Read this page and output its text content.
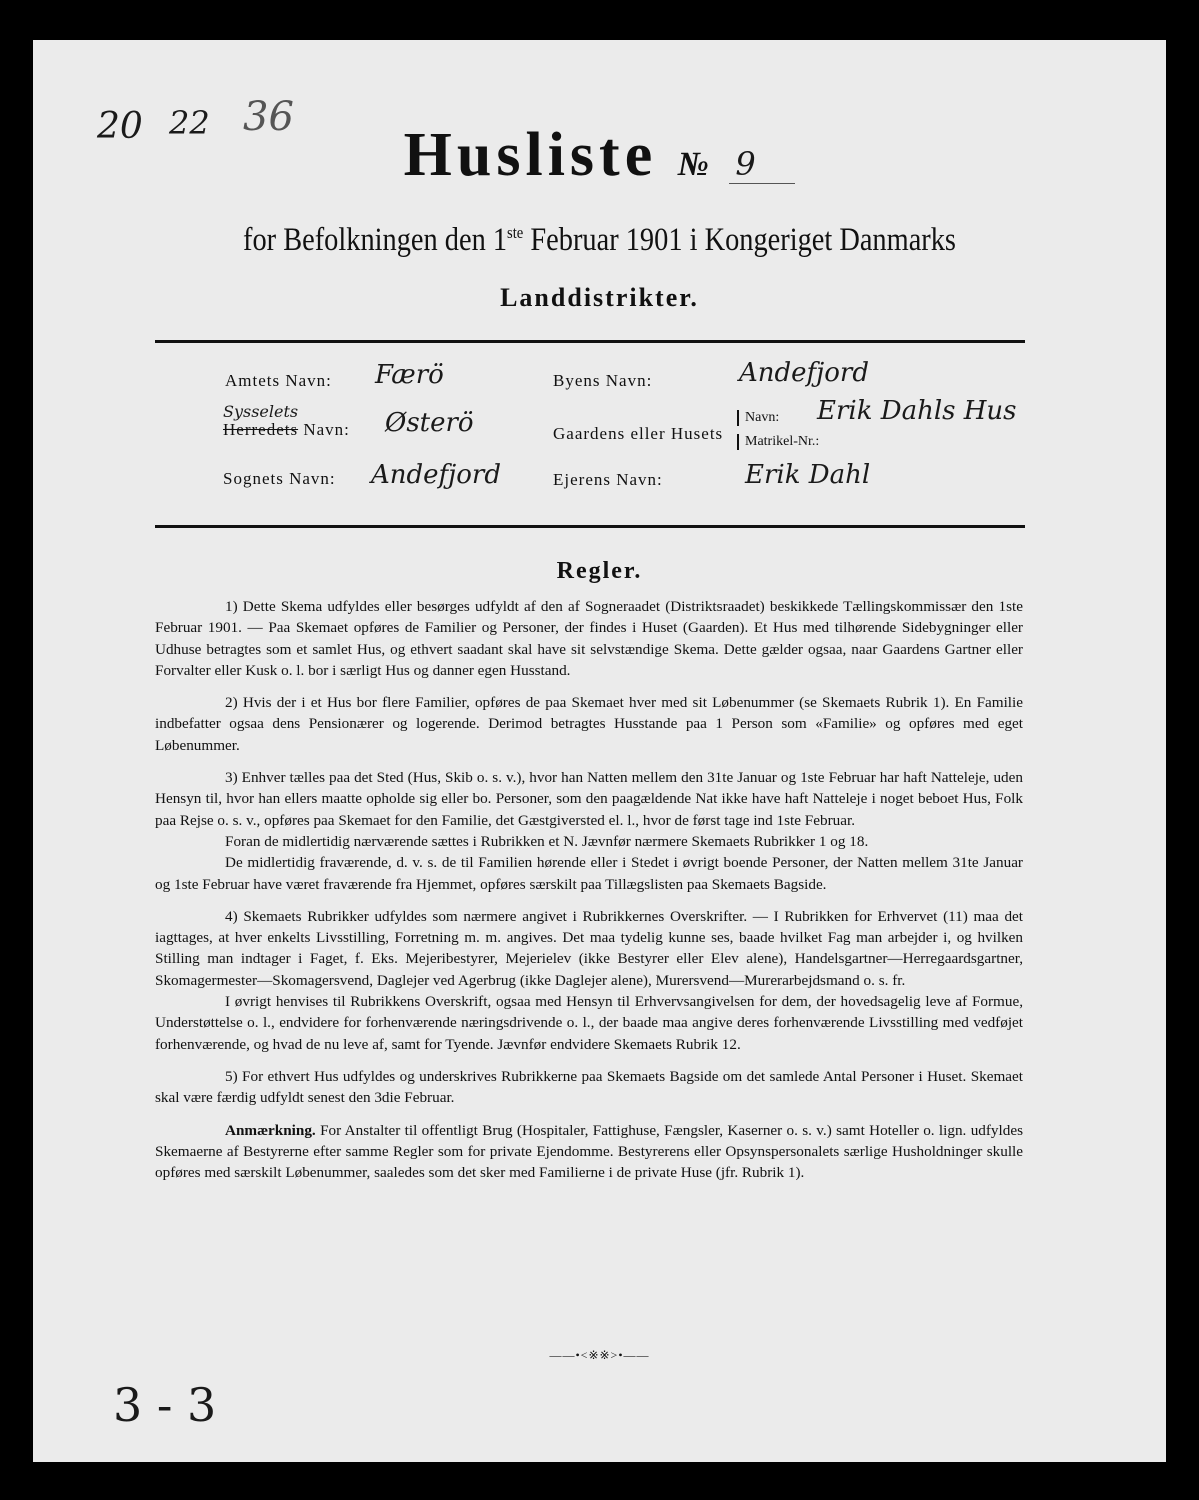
20 22 36
Husliste № 9
for Befolkningen den 1ste Februar 1901 i Kongeriget Danmarks
Landdistrikter.
Amtets Navn: Færö
Sysselets
Herredets Navn: Østerö
Sognets Navn: Andefjord
Byens Navn:	Andefjord
Gaardens eller Husets
Navn: Erik Dahls Hus
Matrikel-Nr.:
Ejerens Navn:	Erik Dahl
Regler.

1) Dette Skema udfyldes eller besørges udfyldt af den af Sogneraadet (Distriktsraadet) beskikkede Tællingskommissær den 1ste Februar 1901. — Paa Skemaet opføres de Familier og Personer, der findes i Huset (Gaarden). Et Hus med tilhørende Sidebygninger eller Udhuse betragtes som et samlet Hus, og ethvert saadant skal have sit selvstændige Skema. Dette gælder ogsaa, naar Gaardens Gartner eller Forvalter eller Kusk o. l. bor i særligt Hus og danner egen Husstand.

2) Hvis der i et Hus bor flere Familier, opføres de paa Skemaet hver med sit Løbenummer (se Skemaets Rubrik 1). En Familie indbefatter ogsaa dens Pensionærer og logerende. Derimod betragtes Husstande paa 1 Person som «Familie» og opføres med eget Løbenummer.

3) Enhver tælles paa det Sted (Hus, Skib o. s. v.), hvor han Natten mellem den 31te Januar og 1ste Februar har haft Natteleje, uden Hensyn til, hvor han ellers maatte opholde sig eller bo. Personer, som den paagældende Nat ikke have haft Natteleje i noget beboet Hus, Folk paa Rejse o. s. v., opføres paa Skemaet for den Familie, det Gæstgiversted el. l., hvor de først tage ind 1ste Februar.

Foran de midlertidig nærværende sættes i Rubrikken et N. Jævnfør nærmere Skemaets Rubrikker 1 og 18.

De midlertidig fraværende, d. v. s. de til Familien hørende eller i Stedet i øvrigt boende Personer, der Natten mellem 31te Januar og 1ste Februar have været fraværende fra Hjemmet, opføres særskilt paa Tillægslisten paa Skemaets Bagside.

4) Skemaets Rubrikker udfyldes som nærmere angivet i Rubrikkernes Overskrifter. — I Rubrikken for Erhvervet (11) maa det iagttages, at hver enkelts Livsstilling, Forretning m. m. angives. Det maa tydelig kunne ses, baade hvilket Fag man arbejder i, og hvilken Stilling man indtager i Faget, f. Eks. Mejeribestyrer, Mejerielev (ikke Bestyrer eller Elev alene), Handelsgartner—Herregaardsgartner, Skomagermester—Skomagersvend, Daglejer ved Agerbrug (ikke Daglejer alene), Murersvend—Murerarbejdsmand o. s. fr.

I øvrigt henvises til Rubrikkens Overskrift, ogsaa med Hensyn til Erhvervsangivelsen for dem, der hovedsagelig leve af Formue, Understøttelse o. l., endvidere for forhenværende næringsdrivende o. l., der baade maa angive deres forhenværende Livsstilling med vedføjet forhenværende, og hvad de nu leve af, samt for Tyende. Jævnfør endvidere Skemaets Rubrik 12.

5) For ethvert Hus udfyldes og underskrives Rubrikkerne paa Skemaets Bagside om det samlede Antal Personer i Huset. Skemaet skal være færdig udfyldt senest den 3die Februar.

Anmærkning. For Anstalter til offentligt Brug (Hospitaler, Fattighuse, Fængsler, Kaserner o. s. v.) samt Hoteller o. lign. udfyldes Skemaerne af Bestyrerne efter samme Regler som for private Ejendomme. Bestyrerens eller Opsynspersonalets særlige Husholdninger skulle opføres med særskilt Løbenummer, saaledes som det sker med Familierne i de private Huse (jfr. Rubrik 1).

——•<※※>•——
3 - 3
